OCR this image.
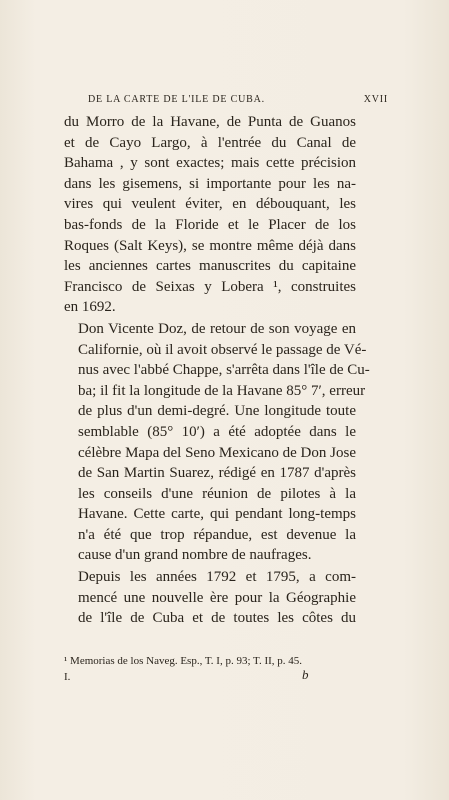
DE LA CARTE DE L'ILE DE CUBA.	XVII
du Morro de la Havane, de Punta de Guanos
et de Cayo Largo, à l'entrée du Canal de
Bahama , y sont exactes; mais cette précision
dans les gisemens, si importante pour les na-
vires qui veulent éviter, en débouquant, les
bas-fonds de la Floride et le Placer de los
Roques (Salt Keys), se montre même déjà dans
les anciennes cartes manuscrites du capitaine
Francisco de Seixas y Lobera ¹, construites
en 1692.
Don Vicente Doz, de retour de son voyage en
Californie, où il avoit observé le passage de Vé-
nus avec l'abbé Chappe, s'arrêta dans l'île de Cu-
ba; il fit la longitude de la Havane 85° 7′, erreur
de plus d'un demi-degré. Une longitude toute
semblable (85° 10′) a été adoptée dans le
célèbre Mapa del Seno Mexicano de Don Jose
de San Martin Suarez, rédigé en 1787 d'après
les conseils d'une réunion de pilotes à la
Havane. Cette carte, qui pendant long-temps
n'a été que trop répandue, est devenue la
cause d'un grand nombre de naufrages.
Depuis les années 1792 et 1795, a com-
mencé une nouvelle ère pour la Géographie
de l'île de Cuba et de toutes les côtes du
¹ Memorias de los Naveg. Esp., T. I, p. 93; T. II, p. 45.
I.	b
